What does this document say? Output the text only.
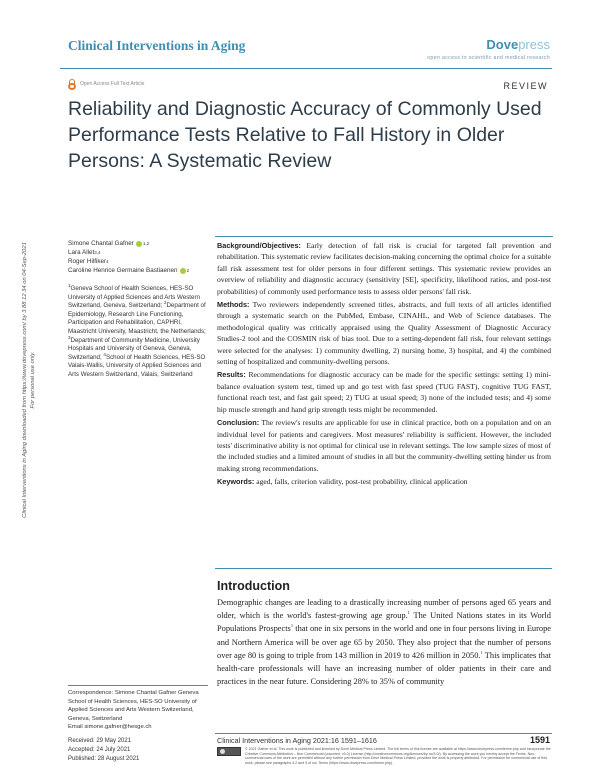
Clinical Interventions in Aging	Dovepress
open access to scientific and medical research
Open Access Full Text Article	REVIEW
Reliability and Diagnostic Accuracy of Commonly Used Performance Tests Relative to Fall History in Older Persons: A Systematic Review
Clinical Interventions in Aging downloaded from https://www.dovepress.com/ by 3.88.12.34 on 04-Sep-2021 For personal use only.
Simone Chantal Gafner 1,2
Lara Allet 3,4
Roger Hilfiker 4
Caroline Henrice Germaine Bastiaenen 2
$^1$Geneva School of Health Sciences, HES-SO University of Applied Sciences and Arts Western Switzerland, Geneva, Switzerland; $^2$Department of Epidemiology, Research Line Functioning, Participation and Rehabilitation, CAPHRI, Maastricht University, Maastricht, the Netherlands; $^3$Department of Community Medicine, University Hospitals and University of Geneva, Geneva, Switzerland; $^4$School of Health Sciences, HES-SO Valais-Wallis, University of Applied Sciences and Arts Western Switzerland, Valais, Switzerland

Background/Objectives: Early detection of fall risk is crucial for targeted fall prevention and rehabilitation. This systematic review facilitates decision-making concerning the optimal choice for a suitable fall risk assessment test for older persons in four different settings. This systematic review provides an overview of reliability and diagnostic accuracy (sensitivity [SE], specificity, likelihood ratios, and post-test probabilities) of commonly used performance tests to assess older persons' fall risk.

Methods: Two reviewers independently screened titles, abstracts, and full texts of all articles identified through a systematic search on the PubMed, Embase, CINAHL, and Web of Science databases. The methodological quality was critically appraised using the Quality Assessment of Diagnostic Accuracy Studies-2 tool and the COSMIN risk of bias tool. Due to a setting-dependent fall risk, four relevant settings were selected for the analyses: 1) community dwelling, 2) nursing home, 3) hospital, and 4) the combined setting of hospitalized and community-dwelling persons.

Results: Recommendations for diagnostic accuracy can be made for the specific settings: setting 1) mini-balance evaluation system test, timed up and go test with fast speed (TUG FAST), cognitive TUG FAST, functional reach test, and fast gait speed; 2) TUG at usual speed; 3) none of the included tests; and 4) some hip muscle strength and hand grip strength tests might be recommended.

Conclusion: The review's results are applicable for use in clinical practice, both on a population and on an individual level for patients and caregivers. Most measures' reliability is sufficient. However, the included tests' discriminative ability is not optimal for clinical use in relevant settings. The low sample sizes of most of the included studies and a limited amount of studies in all but the community-dwelling setting hinder us from making strong recommendations.

Keywords: aged, falls, criterion validity, post-test probability, clinical application

Introduction
Demographic changes are leading to a drastically increasing number of persons aged 65 years and older, which is the world's fastest-growing age group.$^1$ The United Nations states in its World Populations Prospects$^1$ that one in six persons in the world and one in four persons living in Europe and Northern America will be over age 65 by 2050. They also project that the number of persons over age 80 is going to triple from 143 million in 2019 to 426 million in 2050.$^1$ This implicates that health-care professionals will have an increasing number of older patients in their care and practices in the near future. Considering 28% to 35% of community
Correspondence: Simone Chantal Gafner Geneva School of Health Sciences, HES-SO University of Applied Sciences and Arts Western Switzerland, Geneva, Switzerland
Email simone.gafner@hesge.ch
Received: 29 May 2021
Accepted: 24 July 2021
Published: 28 August 2021
Clinical Interventions in Aging 2021:16 1591–1616	1591
© 2021 Gafner et al. This work is published and licensed by Dove Medical Press Limited. The full terms of this license are available at https://www.dovepress.com/terms.php and incorporate the Creative Commons Attribution – Non Commercial (unported, v3.0) License (http://creativecommons.org/licenses/by-nc/3.0/). By accessing the work you hereby accept the Terms. Non-commercial uses of the work are permitted without any further permission from Dove Medical Press Limited, provided the work is properly attributed. For permission for commercial use of this work, please see paragraphs 4.2 and 5 of our Terms (https://www.dovepress.com/terms.php).
